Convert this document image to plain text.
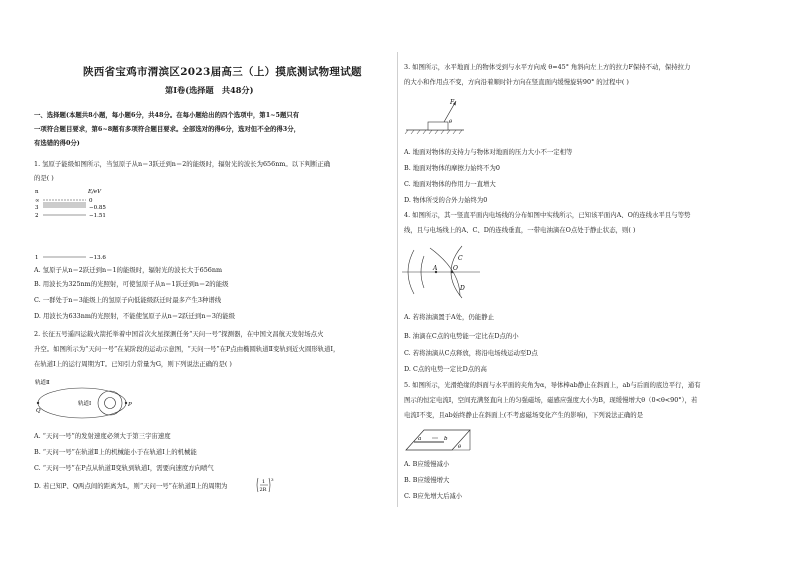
陕西省宝鸡市渭滨区2023届高三（上）摸底测试物理试题
第Ⅰ卷(选择题　共48分)
一、选择题(本题共8小题，每小题6分，共48分。在每小题给出的四个选项中，第1~5题只有
一项符合题目要求，第6~8题有多项符合题目要求。全部选对的得6分，选对但不全的得3分，
有选错的得0分)
1. 氢原子能级如图所示，当氢原子从n＝3跃迁到n＝2的能级时，辐射光的波长为656nm。以下判断正确
的是( )
n	E/eV
∞	0
3	−0.85
2	−1.51
1	−13.6
A. 氢原子从n＝2跃迁到n＝1的能级时，辐射光的波长大于656nm
B. 用波长为325nm的光照射，可使氢原子从n＝1跃迁到n＝2的能级
C. 一群处于n＝3能级上的氢原子向低能级跃迁时最多产生3种谱线
D. 用波长为633nm的光照射，不能使氢原子从n＝2跃迁到n＝3的能级
2. 长征五号遥四运载火箭托举着中国首次火星探测任务“天问一号”探测器，在中国文昌航天发射场点火
升空。如图所示为“天问一号”在某阶段的运动示意图，“天问一号”在P点由椭圆轨道Ⅱ变轨到近火圆形轨道Ⅰ，
在轨道Ⅰ上的运行周期为T。已知引力常量为G，则下列说法正确的是( )
轨道Ⅱ
轨道Ⅰ
Q
P
A. “天问一号”的发射速度必须大于第三宇宙速度
B. “天问一号”在轨道Ⅱ上的机械能小于在轨道Ⅰ上的机械能
C. “天问一号”在P点从轨道Ⅱ变轨到轨道Ⅰ，需要向速度方向喷气
D. 若已知P、Q两点间的距离为L，则“天问一号”在轨道Ⅱ上的周期为	1
2R
3
3. 如图所示，水平地面上的物体受到与水平方向成 θ=45° 角斜向左上方的拉力F保持不动，保持拉力
的大小和作用点不变，方向沿着顺时针方向在竖直面内缓慢旋转90° 的过程中( )
F
θ
A. 地面对物体的支持力与物体对地面的压力大小不一定相等
B. 地面对物体的摩擦力始终不为0
C. 地面对物体的作用力一直增大
D. 物体所受的合外力始终为0
4. 如图所示，其一竖直平面内电场线的分布如图中实线所示，已知该平面内A、O的连线水平且与等势
线，且与电场线上的A、C、D的连线垂直，一带电油滴在O点处于静止状态，则( )
A	O
C
D
A. 若将油滴置于A处，仍能静止
B. 油滴在C点的电势能一定比在D点的小
C. 若将油滴从C点释放，将沿电场线运动至D点
D. C点的电势一定比D点的高
5. 如图所示，光滑绝缘的斜面与水平面的夹角为α，导体棒ab静止在斜面上，ab与后面的底边平行，通有
图示的恒定电流I，空间充满竖直向上的匀强磁场，磁感应强度大小为B，现缓慢增大θ（0<θ<90°），若
电流I不变，且ab始终静止在斜面上(不考虑磁场变化产生的影响)，下列说法正确的是
a	b
θ
A. B应缓慢减小
B. B应缓慢增大
C. B应先增大后减小
